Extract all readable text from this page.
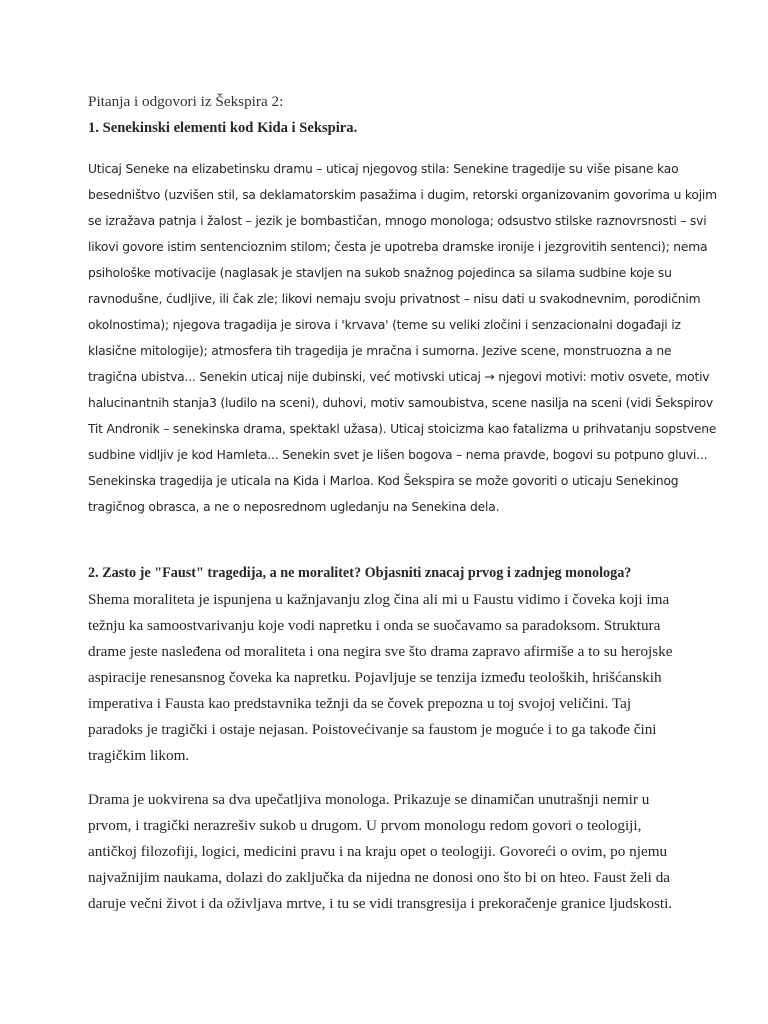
Pitanja i odgovori iz Šekspira 2:
1. Senekinski elementi kod Kida i Sekspira.
Uticaj Seneke na elizabetinsku dramu – uticaj njegovog stila: Senekine tragedije su više pisane kao
besedništvo (uzvišen stil, sa deklamatorskim pasažima i dugim, retorski organizovanim govorima u kojim
se izražava patnja i žalost – jezik je bombastičan, mnogo monologa; odsustvo stilske raznovrsnosti – svi
likovi govore istim sentencioznim stilom; česta je upotreba dramske ironije i jezgrovitih sentenci); nema
psihološke motivacije (naglasak je stavljen na sukob snažnog pojedinca sa silama sudbine koje su
ravnodušne, ćudljive, ili čak zle; likovi nemaju svoju privatnost – nisu dati u svakodnevnim, porodičnim
okolnostima); njegova tragadija je sirova i 'krvava' (teme su veliki zločini i senzacionalni događaji iz
klasične mitologije); atmosfera tih tragedija je mračna i sumorna. Jezive scene, monstruozna a ne
tragična ubistva... Senekin uticaj nije dubinski, već motivski uticaj → njegovi motivi: motiv osvete, motiv
halucinantnih stanja3 (ludilo na sceni), duhovi, motiv samoubistva, scene nasilja na sceni (vidi Šekspirov
Tit Andronik – senekinska drama, spektakl užasa). Uticaj stoicizma kao fatalizma u prihvatanju sopstvene
sudbine vidljiv je kod Hamleta... Senekin svet je lišen bogova – nema pravde, bogovi su potpuno gluvi...
Senekinska tragedija je uticala na Kida i Marloa. Kod Šekspira se može govoriti o uticaju Senekinog
tragičnog obrasca, a ne o neposrednom ugledanju na Senekina dela.
2. Zasto je "Faust" tragedija, a ne moralitet? Objasniti znacaj prvog i zadnjeg monologa?
Shema moraliteta je ispunjena u kažnjavanju zlog čina ali mi u Faustu vidimo i čoveka koji ima
težnju ka samoostvarivanju koje vodi napretku i onda se suočavamo sa paradoksom. Struktura
drame jeste nasleđena od moraliteta i ona negira sve što drama zapravo afirmiše a to su herojske
aspiracije renesansnog čoveka ka napretku. Pojavljuje se tenzija između teoloških, hrišćanskih
imperativa i Fausta kao predstavnika težnji da se čovek prepozna u toj svojoj veličini. Taj
paradoks je tragički i ostaje nejasan. Poistovećivanje sa faustom je moguće i to ga takođe čini
tragičkim likom.
Drama je uokvirena sa dva upečatljiva monologa. Prikazuje se dinamičan unutrašnji nemir u
prvom, i tragički nerazrešiv sukob u drugom. U prvom monologu redom govori o teologiji,
antičkoj filozofiji, logici, medicini pravu i na kraju opet o teologiji. Govoreći o ovim, po njemu
najvažnijim naukama, dolazi do zaključka da nijedna ne donosi ono što bi on hteo. Faust želi da
daruje večni život i da oživljava mrtve, i tu se vidi transgresija i prekoračenje granice ljudskosti.
